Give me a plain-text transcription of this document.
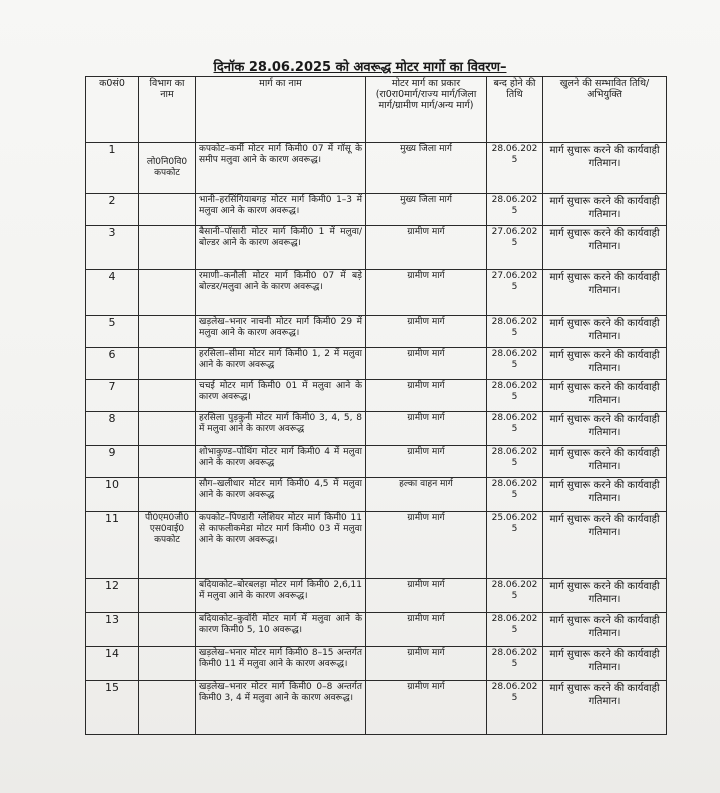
दिनॉक 28.06.2025 को अवरूद्ध मोटर मार्गो का विवरण–
क0सं0	विभाग का नाम	मार्ग का नाम	मोटर मार्ग का प्रकार (रा0रा0मार्ग/राज्य मार्ग/जिला मार्ग/ग्रामीण मार्ग/अन्य मार्ग)	बन्द होने की तिथि	खुलने की सम्भावित तिथि/अभियुक्ति
1	लो0नि0वि0 कपकोट	कपकोट–कर्मी मोटर मार्ग किमी0 07 में गॉसू के समीप मलुवा आने के कारण अवरूद्ध।	मुख्य जिला मार्ग	28.06.2025	मार्ग सुचारू करने की कार्यवाही गतिमान।
2		भानी–हरसिंगियाबगड़ मोटर मार्ग किमी0 1–3 में मलुवा आने के कारण अवरूद्ध।	मुख्य जिला मार्ग	28.06.2025	मार्ग सुचारू करने की कार्यवाही गतिमान।
3		बैसानी–पॉसारी मोटर मार्ग किमी0 1 में मलुवा/बोल्डर आने के कारण अवरूद्ध।	ग्रामीण मार्ग	27.06.2025	मार्ग सुचारू करने की कार्यवाही गतिमान।
4		रमाणी–कनौली मोटर मार्ग किमी0 07 में बड़े बोल्डर/मलुवा आने के कारण अवरूद्ध।	ग्रामीण मार्ग	27.06.2025	मार्ग सुचारू करने की कार्यवाही गतिमान।
5		खड़लेख–भनार नाचनी मोटर मार्ग किमी0 29 में मलुवा आने के कारण अवरूद्ध।	ग्रामीण मार्ग	28.06.2025	मार्ग सुचारू करने की कार्यवाही गतिमान।
6		हरसिला–सीमा मोटर मार्ग किमी0 1, 2 में मलुवा आने के कारण अवरूद्ध	ग्रामीण मार्ग	28.06.2025	मार्ग सुचारू करने की कार्यवाही गतिमान।
7		चचई मोटर मार्ग किमी0 01 में मलुवा आने के कारण अवरूद्ध।	ग्रामीण मार्ग	28.06.2025	मार्ग सुचारू करने की कार्यवाही गतिमान।
8		हरसिला पुड़कुनी मोटर मार्ग किमी0 3, 4, 5, 8 में मलुवा आने के कारण अवरूद्ध	ग्रामीण मार्ग	28.06.2025	मार्ग सुचारू करने की कार्यवाही गतिमान।
9		शोभाकुण्ड–पोथिंग मोटर मार्ग किमी0 4 में मलुवा आने के कारण अवरूद्ध	ग्रामीण मार्ग	28.06.2025	मार्ग सुचारू करने की कार्यवाही गतिमान।
10		सौग–खलीधार मोटर मार्ग किमी0 4,5 में मलुवा आने के कारण अवरूद्ध	हल्का वाहन मार्ग	28.06.2025	मार्ग सुचारू करने की कार्यवाही गतिमान।
11	पी0एम0जी0 एस0वाई0 कपकोट	कपकोट–पिण्डारी ग्लेशियर मोटर मार्ग किमी0 11 से काफलीकमेडा मोटर मार्ग किमी0 03 में मलुवा आने के कारण अवरूद्ध।	ग्रामीण मार्ग	25.06.2025	मार्ग सुचारू करने की कार्यवाही गतिमान।
12		बदियाकोट–बोरबलड़ा मोटर मार्ग किमी0 2,6,11 में मलुवा आने के कारण अवरूद्ध।	ग्रामीण मार्ग	28.06.2025	मार्ग सुचारू करने की कार्यवाही गतिमान।
13		बदियाकोट–कुवॉरी मोटर मार्ग में मलुवा आने के कारण किमी0 5, 10 अवरूद्ध।	ग्रामीण मार्ग	28.06.2025	मार्ग सुचारू करने की कार्यवाही गतिमान।
14		खड़लेख–भनार मोटर मार्ग किमी0 8–15 अन्तर्गत किमी0 11 में मलुवा आने के कारण अवरूद्ध।	ग्रामीण मार्ग	28.06.2025	मार्ग सुचारू करने की कार्यवाही गतिमान।
15		खड़लेख–भनार मोटर मार्ग किमी0 0–8 अन्तर्गत किमी0 3, 4 में मलुवा आने के कारण अवरूद्ध।	ग्रामीण मार्ग	28.06.2025	मार्ग सुचारू करने की कार्यवाही गतिमान।
